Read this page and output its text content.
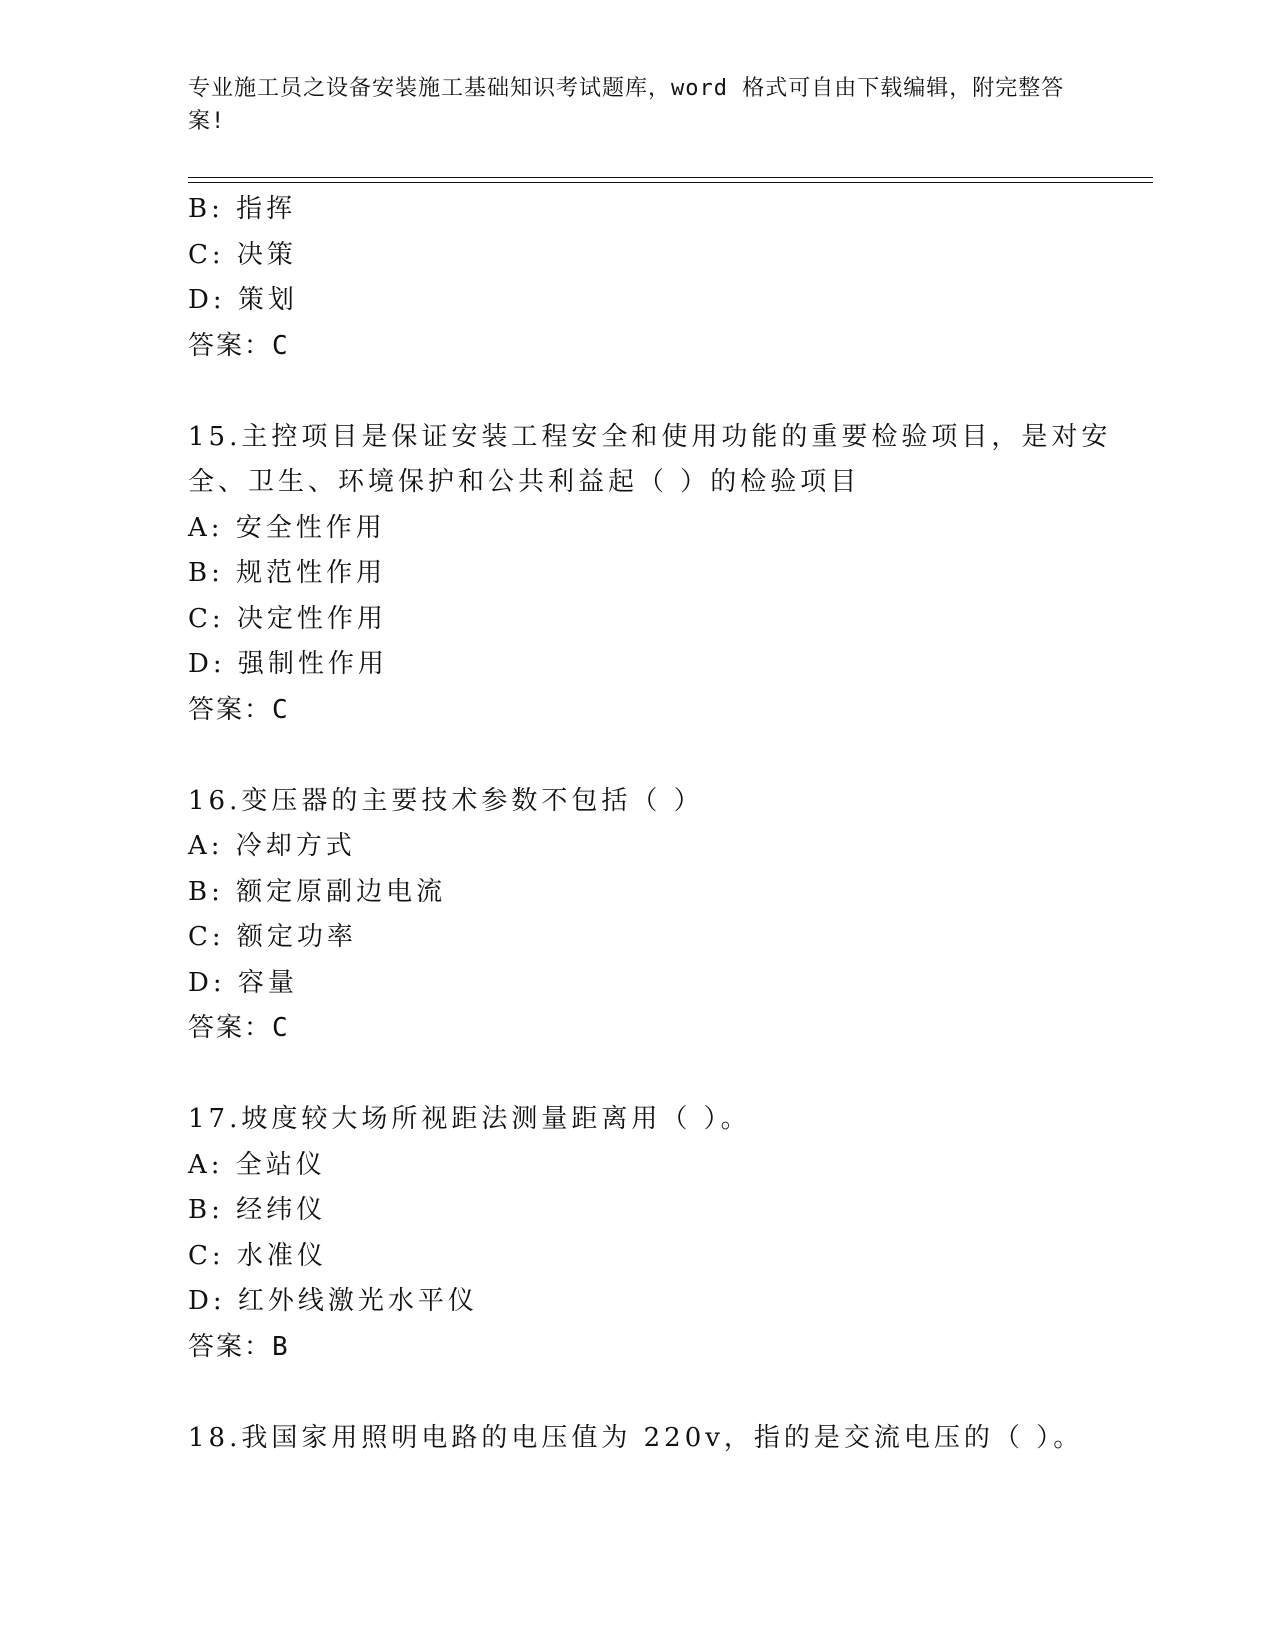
专业施工员之设备安装施工基础知识考试题库，word 格式可自由下载编辑，附完整答案!
B: 指挥
C: 决策
D: 策划
答案：C
15.主控项目是保证安装工程安全和使用功能的重要检验项目，是对安
全、卫生、环境保护和公共利益起（ ）的检验项目
A: 安全性作用
B: 规范性作用
C: 决定性作用
D: 强制性作用
答案：C
16.变压器的主要技术参数不包括（ ）
A: 冷却方式
B: 额定原副边电流
C: 额定功率
D: 容量
答案：C
17.坡度较大场所视距法测量距离用（ ）。
A: 全站仪
B: 经纬仪
C: 水准仪
D: 红外线激光水平仪
答案：B
18.我国家用照明电路的电压值为 220v，指的是交流电压的（ ）。
